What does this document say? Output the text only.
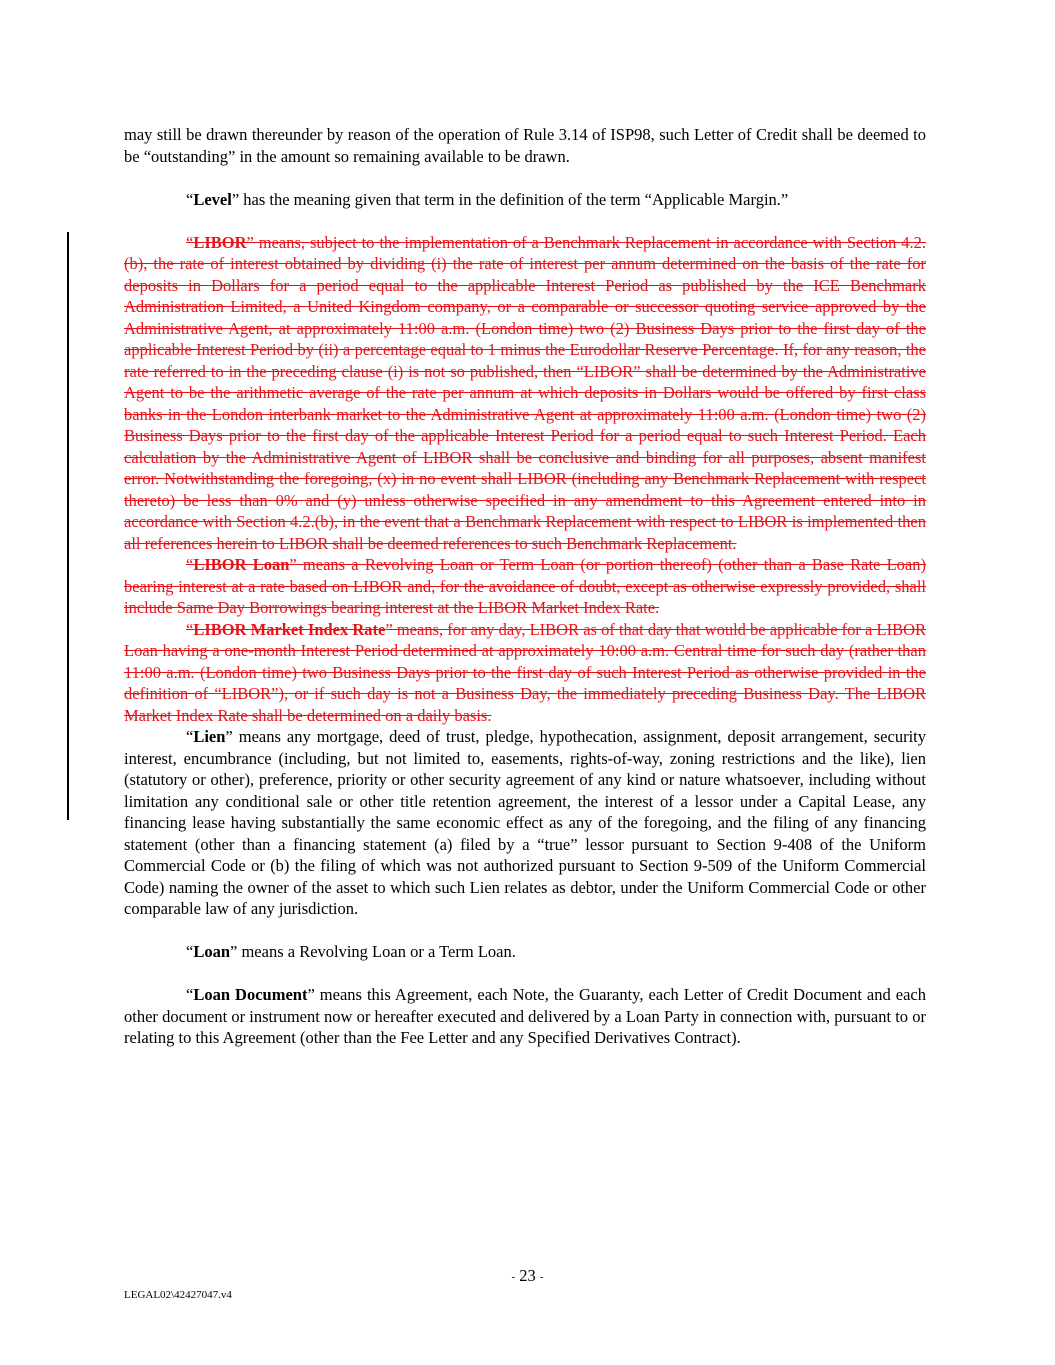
may still be drawn thereunder by reason of the operation of Rule 3.14 of ISP98, such Letter of Credit shall be deemed to be “outstanding” in the amount so remaining available to be drawn.

“Level” has the meaning given that term in the definition of the term “Applicable Margin.”

“LIBOR” means, subject to the implementation of a Benchmark Replacement in accordance with Section 4.2.(b), the rate of interest obtained by dividing (i) the rate of interest per annum determined on the basis of the rate for deposits in Dollars for a period equal to the applicable Interest Period as published by the ICE Benchmark Administration Limited, a United Kingdom company, or a comparable or successor quoting service approved by the Administrative Agent, at approximately 11:00 a.m. (London time) two (2) Business Days prior to the first day of the applicable Interest Period by (ii) a percentage equal to 1 minus the Eurodollar Reserve Percentage. If, for any reason, the rate referred to in the preceding clause (i) is not so published, then “LIBOR” shall be determined by the Administrative Agent to be the arithmetic average of the rate per annum at which deposits in Dollars would be offered by first class banks in the London interbank market to the Administrative Agent at approximately 11:00 a.m. (London time) two (2) Business Days prior to the first day of the applicable Interest Period for a period equal to such Interest Period. Each calculation by the Administrative Agent of LIBOR shall be conclusive and binding for all purposes, absent manifest error. Notwithstanding the foregoing, (x) in no event shall LIBOR (including any Benchmark Replacement with respect thereto) be less than 0% and (y) unless otherwise specified in any amendment to this Agreement entered into in accordance with Section 4.2.(b), in the event that a Benchmark Replacement with respect to LIBOR is implemented then all references herein to LIBOR shall be deemed references to such Benchmark Replacement.

“LIBOR Loan” means a Revolving Loan or Term Loan (or portion thereof) (other than a Base Rate Loan) bearing interest at a rate based on LIBOR and, for the avoidance of doubt, except as otherwise expressly provided, shall include Same Day Borrowings bearing interest at the LIBOR Market Index Rate.

“LIBOR Market Index Rate” means, for any day, LIBOR as of that day that would be applicable for a LIBOR Loan having a one-month Interest Period determined at approximately 10:00 a.m. Central time for such day (rather than 11:00 a.m. (London time) two Business Days prior to the first day of such Interest Period as otherwise provided in the definition of “LIBOR”), or if such day is not a Business Day, the immediately preceding Business Day. The LIBOR Market Index Rate shall be determined on a daily basis.

“Lien” means any mortgage, deed of trust, pledge, hypothecation, assignment, deposit arrangement, security interest, encumbrance (including, but not limited to, easements, rights-of-way, zoning restrictions and the like), lien (statutory or other), preference, priority or other security agreement of any kind or nature whatsoever, including without limitation any conditional sale or other title retention agreement, the interest of a lessor under a Capital Lease, any financing lease having substantially the same economic effect as any of the foregoing, and the filing of any financing statement (other than a financing statement (a) filed by a “true” lessor pursuant to Section 9-408 of the Uniform Commercial Code or (b) the filing of which was not authorized pursuant to Section 9-509 of the Uniform Commercial Code) naming the owner of the asset to which such Lien relates as debtor, under the Uniform Commercial Code or other comparable law of any jurisdiction.

“Loan” means a Revolving Loan or a Term Loan.

“Loan Document” means this Agreement, each Note, the Guaranty, each Letter of Credit Document and each other document or instrument now or hereafter executed and delivered by a Loan Party in connection with, pursuant to or relating to this Agreement (other than the Fee Letter and any Specified Derivatives Contract).

- 23 -
LEGAL02\42427047.v4
